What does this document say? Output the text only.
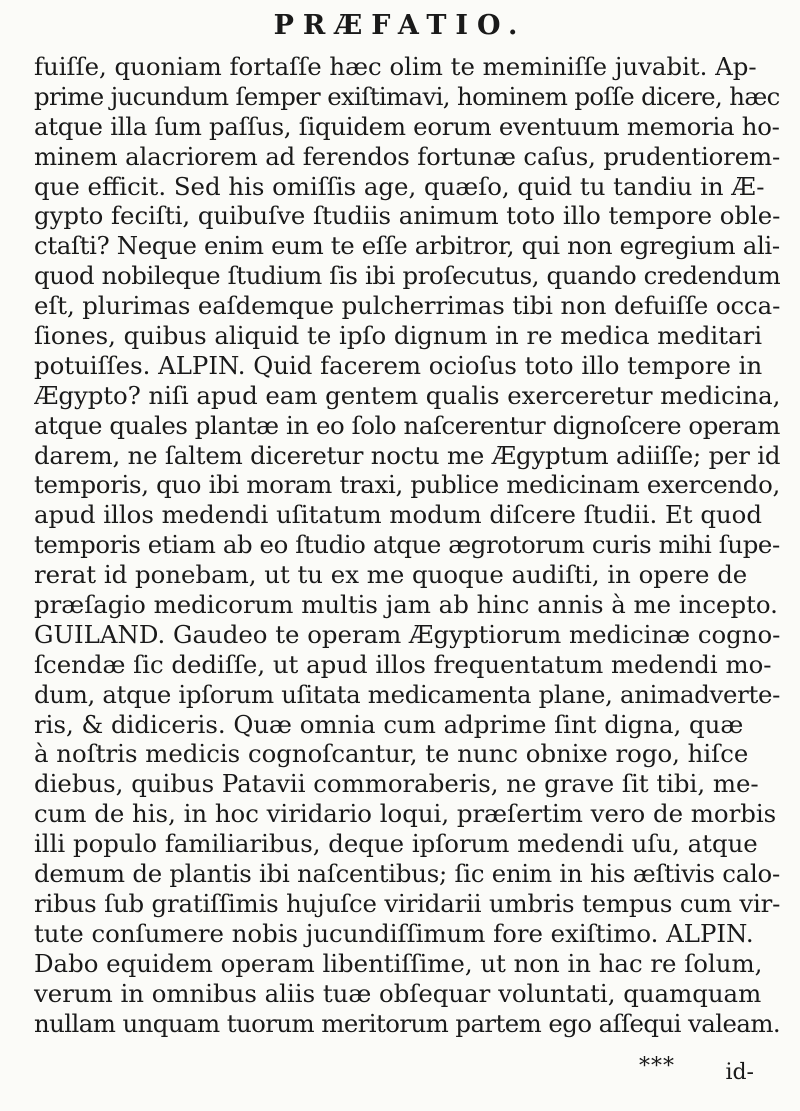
PRÆFATIO.
fuiſſe, quoniam fortaſſe hæc olim te meminiſſe juvabit. Ap-
prime jucundum ſemper exiſtimavi, hominem poſſe dicere, hæc
atque illa ſum paſſus, ſiquidem eorum eventuum memoria ho-
minem alacriorem ad ferendos fortunæ caſus, prudentiorem-
que efficit. Sed his omiſſis age, quæſo, quid tu tandiu in Æ-
gypto feciſti, quibuſve ſtudiis animum toto illo tempore oble-
ctaſti? Neque enim eum te eſſe arbitror, qui non egregium ali-
quod nobileque ſtudium ſis ibi proſecutus, quando credendum
eſt, plurimas eaſdemque pulcherrimas tibi non defuiſſe occa-
ſiones, quibus aliquid te ipſo dignum in re medica meditari
potuiſſes. ALPIN. Quid facerem ocioſus toto illo tempore in
Ægypto? niſi apud eam gentem qualis exerceretur medicina,
atque quales plantæ in eo ſolo naſcerentur dignoſcere operam
darem, ne ſaltem diceretur noctu me Ægyptum adiiſſe; per id
temporis, quo ibi moram traxi, publice medicinam exercendo,
apud illos medendi uſitatum modum diſcere ſtudii. Et quod
temporis etiam ab eo ſtudio atque ægrotorum curis mihi ſupe-
rerat id ponebam, ut tu ex me quoque audiſti, in opere de
præſagio medicorum multis jam ab hinc annis à me incepto.
GUILAND. Gaudeo te operam Ægyptiorum medicinæ cogno-
ſcendæ ſic dediſſe, ut apud illos frequentatum medendi mo-
dum, atque ipſorum uſitata medicamenta plane, animadverte-
ris, & didiceris. Quæ omnia cum adprime ſint digna, quæ
à noſtris medicis cognoſcantur, te nunc obnixe rogo, hiſce
diebus, quibus Patavii commoraberis, ne grave ſit tibi, me-
cum de his, in hoc viridario loqui, præſertim vero de morbis
illi populo familiaribus, deque ipſorum medendi uſu, atque
demum de plantis ibi naſcentibus; ſic enim in his æſtivis calo-
ribus ſub gratiſſimis hujuſce viridarii umbris tempus cum vir-
tute conſumere nobis jucundiſſimum fore exiſtimo. ALPIN.
Dabo equidem operam libentiſſime, ut non in hac re ſolum,
verum in omnibus aliis tuæ obſequar voluntati, quamquam
nullam unquam tuorum meritorum partem ego aſſequi valeam.
*** id-
